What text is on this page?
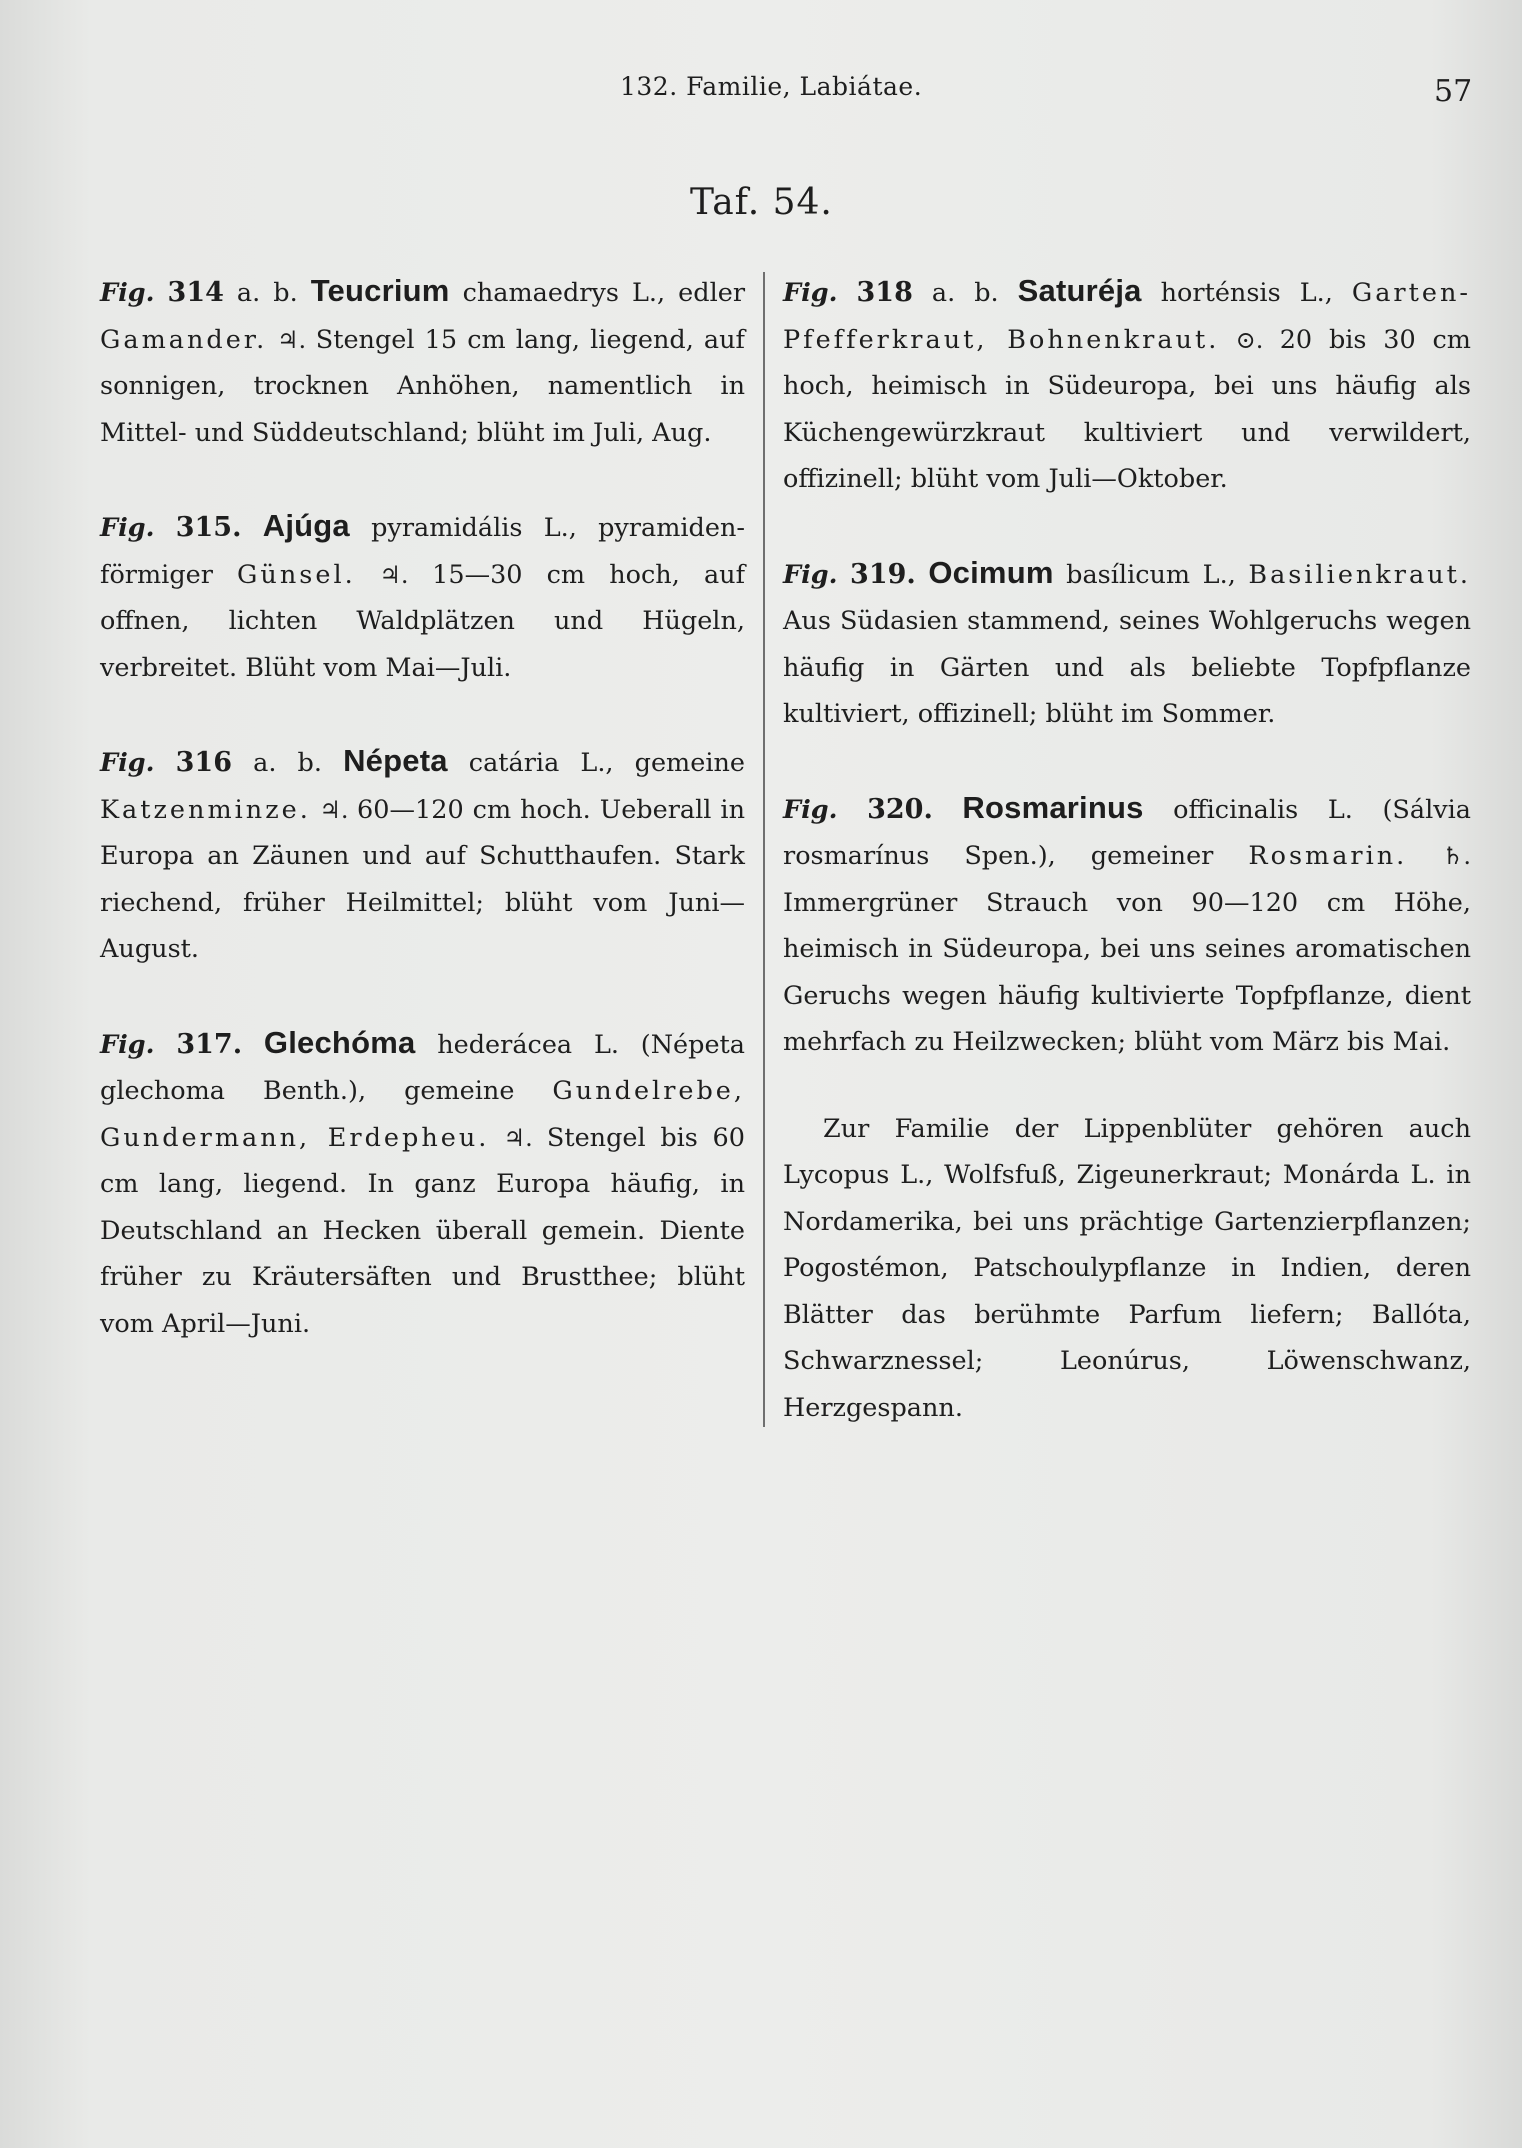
132. Familie, Labiátae.	57
Taf. 54.

Fig. 314 a. b. Teucrium chamaedrys L., edler Gamander. ♃. Stengel 15 cm lang, liegend, auf sonnigen, trocknen Anhöhen, namentlich in Mittel- und Süddeutschland; blüht im Juli, Aug.

Fig. 315. Ajúga pyramidális L., pyramiden-förmiger Günsel. ♃. 15—30 cm hoch, auf offnen, lichten Waldplätzen und Hügeln, verbreitet. Blüht vom Mai—Juli.

Fig. 316 a. b. Népeta catária L., gemeine Katzenminze. ♃. 60—120 cm hoch. Ueberall in Europa an Zäunen und auf Schutthaufen. Stark riechend, früher Heilmittel; blüht vom Juni—August.

Fig. 317. Glechóma hederácea L. (Népeta glechoma Benth.), gemeine Gundelrebe, Gundermann, Erdepheu. ♃. Stengel bis 60 cm lang, liegend. In ganz Europa häufig, in Deutschland an Hecken überall gemein. Diente früher zu Kräutersäften und Brustthee; blüht vom April—Juni.

Fig. 318 a. b. Saturéja horténsis L., Garten-Pfefferkraut, Bohnenkraut. ⊙. 20 bis 30 cm hoch, heimisch in Südeuropa, bei uns häufig als Küchengewürzkraut kultiviert und verwildert, offizinell; blüht vom Juli—Oktober.

Fig. 319. Ocimum basílicum L., Basilienkraut. Aus Südasien stammend, seines Wohlgeruchs wegen häufig in Gärten und als beliebte Topfpflanze kultiviert, offizinell; blüht im Sommer.

Fig. 320. Rosmarinus officinalis L. (Sálvia rosmarínus Spen.), gemeiner Rosmarin. ♄. Immergrüner Strauch von 90—120 cm Höhe, heimisch in Südeuropa, bei uns seines aromatischen Geruchs wegen häufig kultivierte Topfpflanze, dient mehrfach zu Heilzwecken; blüht vom März bis Mai.

Zur Familie der Lippenblüter gehören auch Lycopus L., Wolfsfuß, Zigeunerkraut; Monárda L. in Nordamerika, bei uns prächtige Gartenzierpflanzen; Pogostémon, Patschoulypflanze in Indien, deren Blätter das berühmte Parfum liefern; Ballóta, Schwarznessel; Leonúrus, Löwenschwanz, Herzgespann.
